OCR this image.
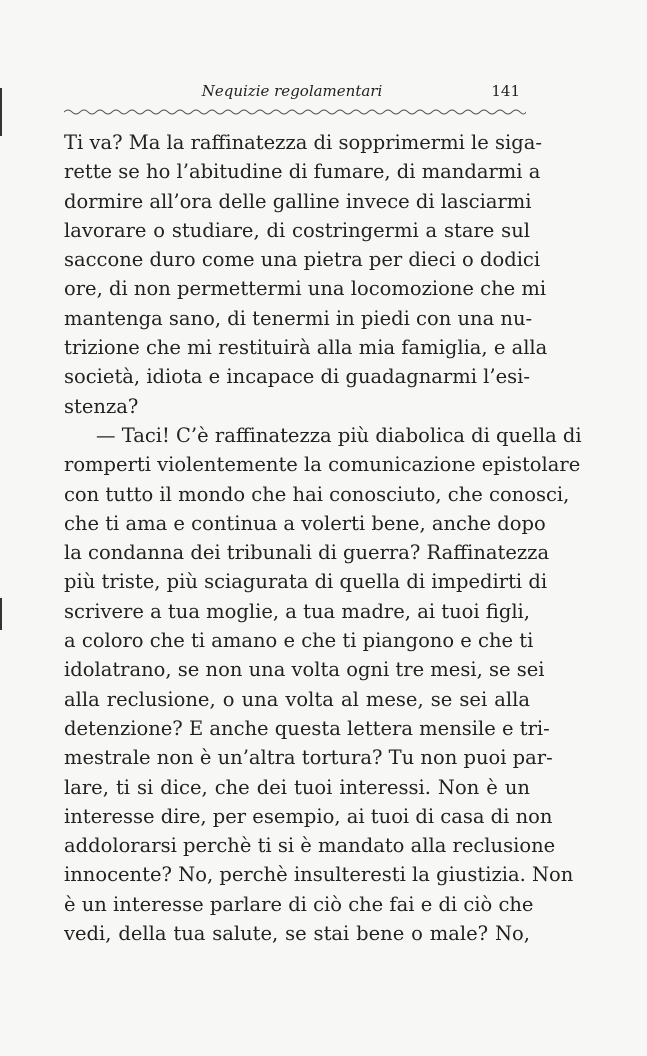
Nequizie regolamentari	141
Ti va? Ma la raffinatezza di sopprimermi le siga-
rette se ho l’abitudine di fumare, di mandarmi a
dormire all’ora delle galline invece di lasciarmi
lavorare o studiare, di costringermi a stare sul
saccone duro come una pietra per dieci o dodici
ore, di non permettermi una locomozione che mi
mantenga sano, di tenermi in piedi con una nu-
trizione che mi restituirà alla mia famiglia, e alla
società, idiota e incapace di guadagnarmi l’esi-
stenza?
— Taci! C’è raffinatezza più diabolica di quella di
romperti violentemente la comunicazione epistolare
con tutto il mondo che hai conosciuto, che conosci,
che ti ama e continua a volerti bene, anche dopo
la condanna dei tribunali di guerra? Raffinatezza
più triste, più sciagurata di quella di impedirti di
scrivere a tua moglie, a tua madre, ai tuoi figli,
a coloro che ti amano e che ti piangono e che ti
idolatrano, se non una volta ogni tre mesi, se sei
alla reclusione, o una volta al mese, se sei alla
detenzione? E anche questa lettera mensile e tri-
mestrale non è un’altra tortura? Tu non puoi par-
lare, ti si dice, che dei tuoi interessi. Non è un
interesse dire, per esempio, ai tuoi di casa di non
addolorarsi perchè ti si è mandato alla reclusione
innocente? No, perchè insulteresti la giustizia. Non
è un interesse parlare di ciò che fai e di ciò che
vedi, della tua salute, se stai bene o male? No,
